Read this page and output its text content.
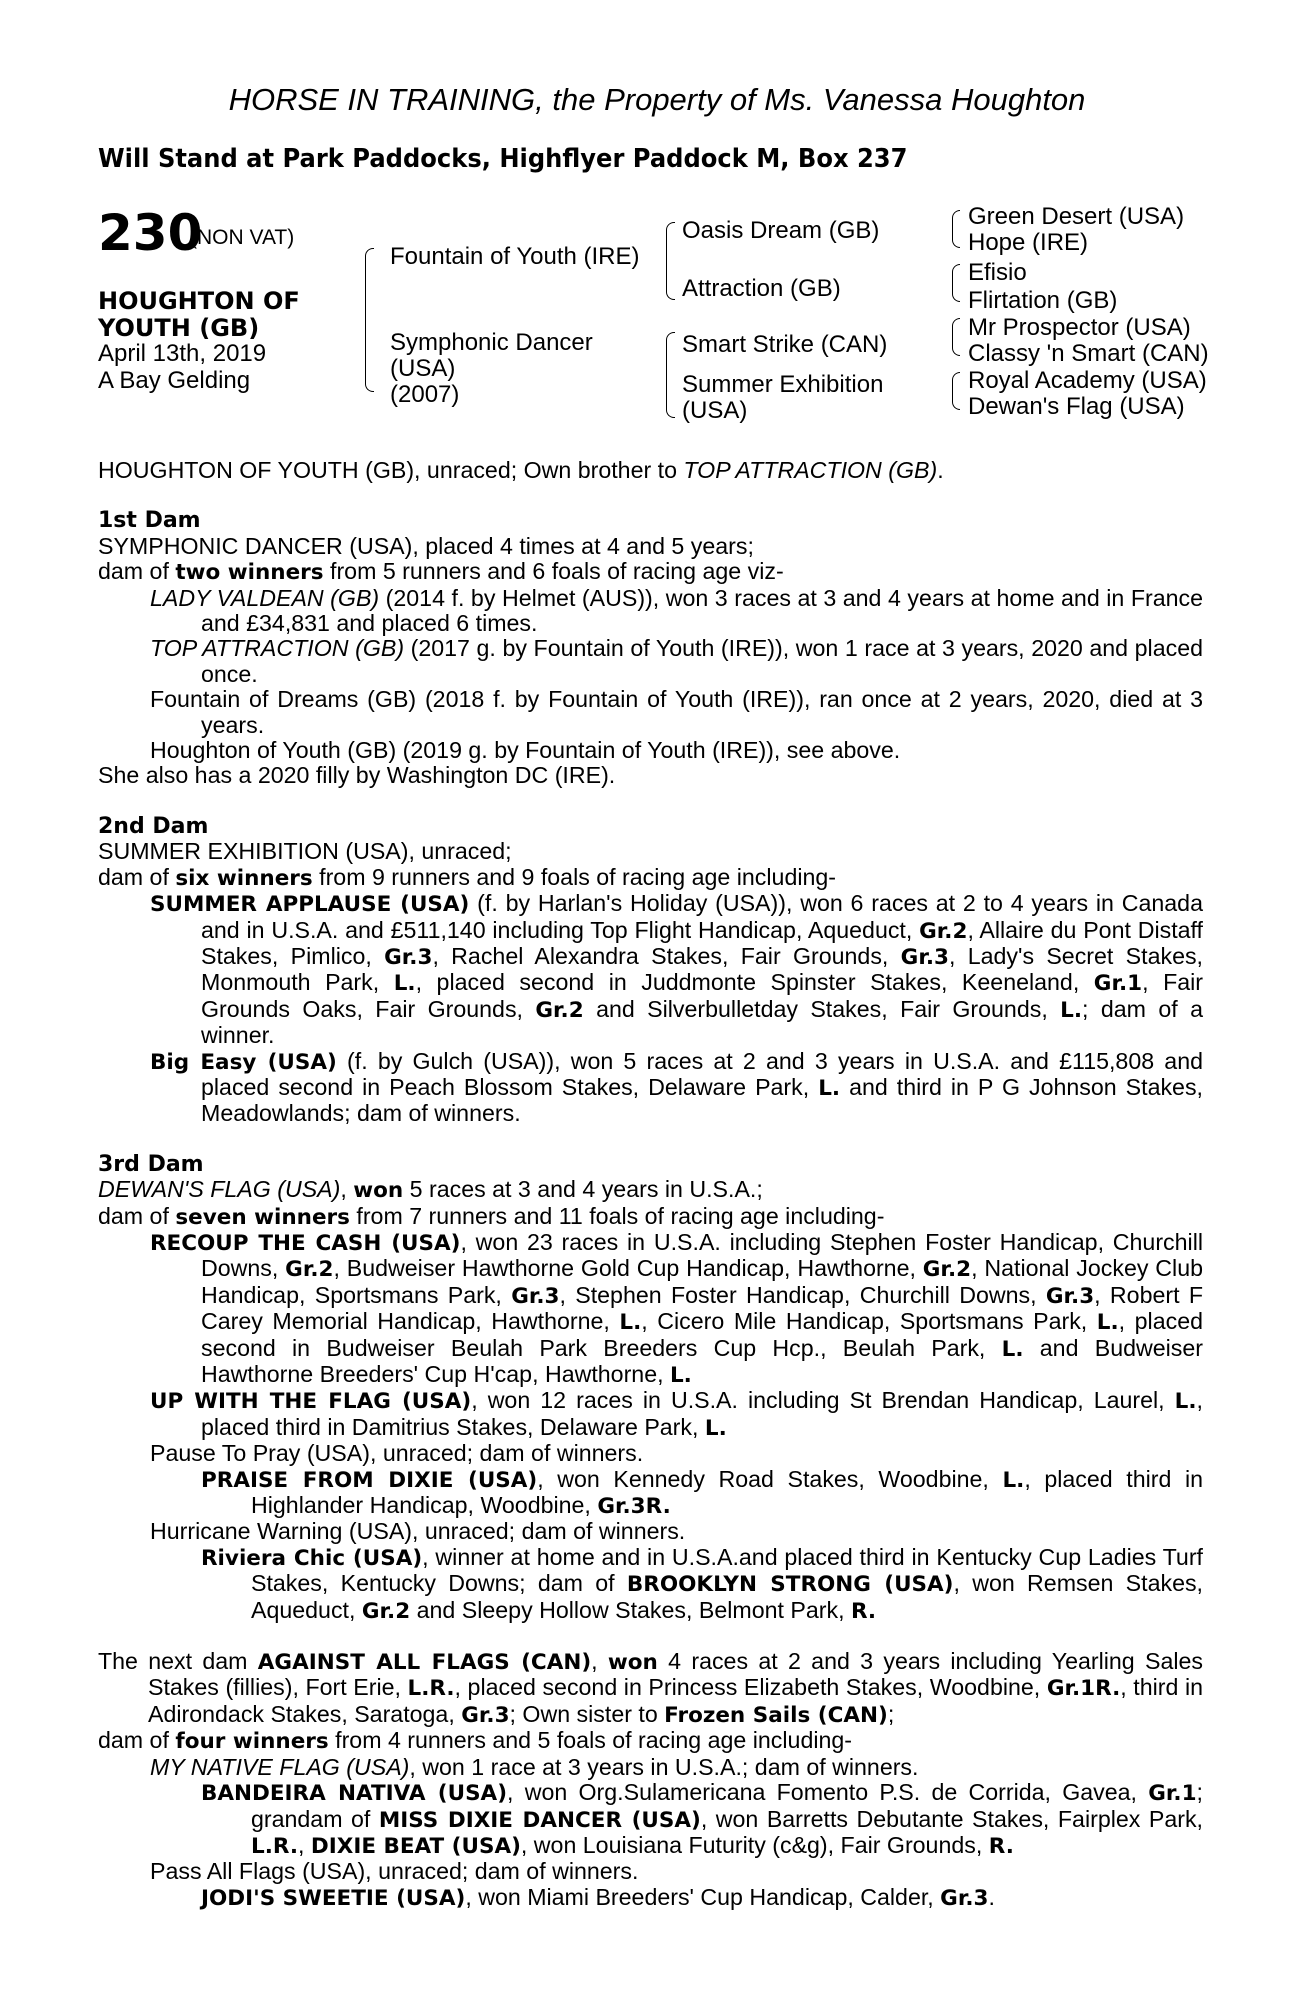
HORSE IN TRAINING, the Property of Ms. Vanessa Houghton
Will Stand at Park Paddocks, Highflyer Paddock M, Box 237
230
(NON VAT)
HOUGHTON OF YOUTH (GB)
April 13th, 2019
A Bay Gelding
Fountain of Youth (IRE)
Symphonic Dancer
(USA)
(2007)
Oasis Dream (GB)
Attraction (GB)
Smart Strike (CAN)
Summer Exhibition
(USA)
Green Desert (USA)
Hope (IRE)
Efisio
Flirtation (GB)
Mr Prospector (USA)
Classy 'n Smart (CAN)
Royal Academy (USA)
Dewan's Flag (USA)

HOUGHTON OF YOUTH (GB), unraced; Own brother to TOP ATTRACTION (GB).

1st Dam

SYMPHONIC DANCER (USA), placed 4 times at 4 and 5 years;

dam of two winners from 5 runners and 6 foals of racing age viz-

LADY VALDEAN (GB) (2014 f. by Helmet (AUS)), won 3 races at 3 and 4 years at home and in France and £34,831 and placed 6 times.

TOP ATTRACTION (GB) (2017 g. by Fountain of Youth (IRE)), won 1 race at 3 years, 2020 and placed once.

Fountain of Dreams (GB) (2018 f. by Fountain of Youth (IRE)), ran once at 2 years, 2020, died at 3 years.

Houghton of Youth (GB) (2019 g. by Fountain of Youth (IRE)), see above.

She also has a 2020 filly by Washington DC (IRE).

2nd Dam

SUMMER EXHIBITION (USA), unraced;

dam of six winners from 9 runners and 9 foals of racing age including-

SUMMER APPLAUSE (USA) (f. by Harlan's Holiday (USA)), won 6 races at 2 to 4 years in Canada and in U.S.A. and £511,140 including Top Flight Handicap, Aqueduct, Gr.2, Allaire du Pont Distaff Stakes, Pimlico, Gr.3, Rachel Alexandra Stakes, Fair Grounds, Gr.3, Lady's Secret Stakes, Monmouth Park, L., placed second in Juddmonte Spinster Stakes, Keeneland, Gr.1, Fair Grounds Oaks, Fair Grounds, Gr.2 and Silverbulletday Stakes, Fair Grounds, L.; dam of a winner.

Big Easy (USA) (f. by Gulch (USA)), won 5 races at 2 and 3 years in U.S.A. and £115,808 and placed second in Peach Blossom Stakes, Delaware Park, L. and third in P G Johnson Stakes, Meadowlands; dam of winners.

3rd Dam

DEWAN'S FLAG (USA), won 5 races at 3 and 4 years in U.S.A.;

dam of seven winners from 7 runners and 11 foals of racing age including-

RECOUP THE CASH (USA), won 23 races in U.S.A. including Stephen Foster Handicap, Churchill Downs, Gr.2, Budweiser Hawthorne Gold Cup Handicap, Hawthorne, Gr.2, National Jockey Club Handicap, Sportsmans Park, Gr.3, Stephen Foster Handicap, Churchill Downs, Gr.3, Robert F Carey Memorial Handicap, Hawthorne, L., Cicero Mile Handicap, Sportsmans Park, L., placed second in Budweiser Beulah Park Breeders Cup Hcp., Beulah Park, L. and Budweiser Hawthorne Breeders' Cup H'cap, Hawthorne, L.

UP WITH THE FLAG (USA), won 12 races in U.S.A. including St Brendan Handicap, Laurel, L., placed third in Damitrius Stakes, Delaware Park, L.

Pause To Pray (USA), unraced; dam of winners.

PRAISE FROM DIXIE (USA), won Kennedy Road Stakes, Woodbine, L., placed third in Highlander Handicap, Woodbine, Gr.3R.

Hurricane Warning (USA), unraced; dam of winners.

Riviera Chic (USA), winner at home and in U.S.A.and placed third in Kentucky Cup Ladies Turf Stakes, Kentucky Downs; dam of BROOKLYN STRONG (USA), won Remsen Stakes, Aqueduct, Gr.2 and Sleepy Hollow Stakes, Belmont Park, R.

The next dam AGAINST ALL FLAGS (CAN), won 4 races at 2 and 3 years including Yearling Sales Stakes (fillies), Fort Erie, L.R., placed second in Princess Elizabeth Stakes, Woodbine, Gr.1R., third in Adirondack Stakes, Saratoga, Gr.3; Own sister to Frozen Sails (CAN);

dam of four winners from 4 runners and 5 foals of racing age including-

MY NATIVE FLAG (USA), won 1 race at 3 years in U.S.A.; dam of winners.

BANDEIRA NATIVA (USA), won Org.Sulamericana Fomento P.S. de Corrida, Gavea, Gr.1; grandam of MISS DIXIE DANCER (USA), won Barretts Debutante Stakes, Fairplex Park, L.R., DIXIE BEAT (USA), won Louisiana Futurity (c&g), Fair Grounds, R.

Pass All Flags (USA), unraced; dam of winners.

JODI'S SWEETIE (USA), won Miami Breeders' Cup Handicap, Calder, Gr.3.
